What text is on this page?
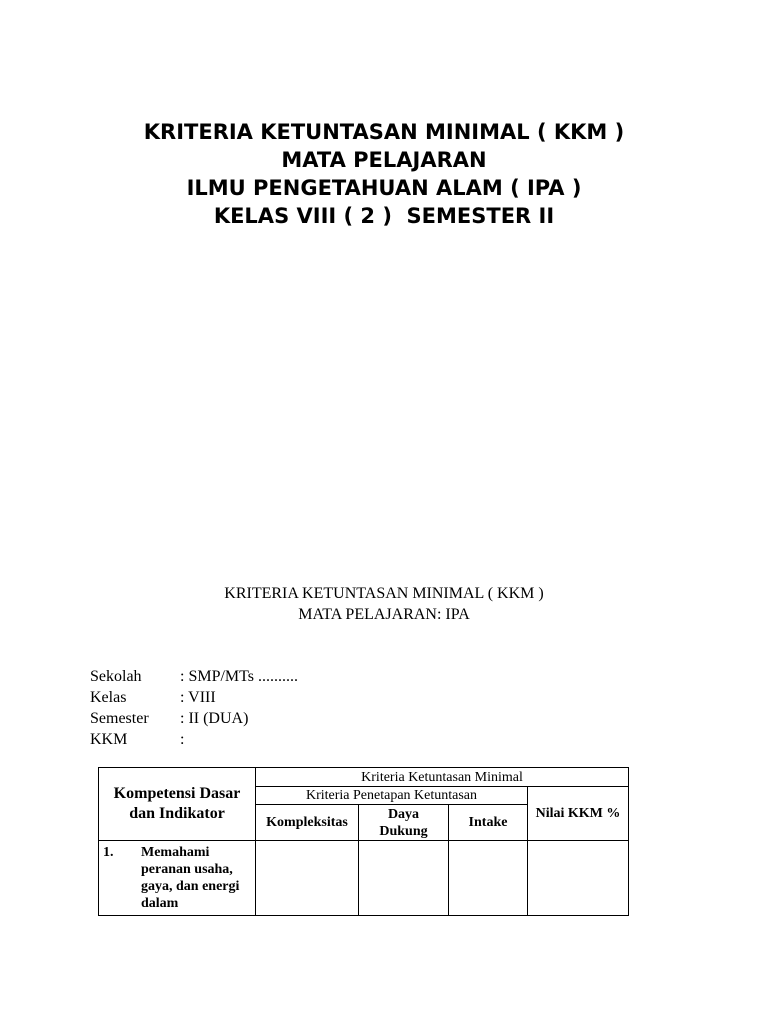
KRITERIA KETUNTASAN MINIMAL ( KKM )
MATA PELAJARAN
ILMU PENGETAHUAN ALAM ( IPA )
KELAS VIII ( 2 )  SEMESTER II
KRITERIA KETUNTASAN MINIMAL ( KKM )
MATA PELAJARAN: IPA
Sekolah	: SMP/MTs ..........
Kelas	: VIII
Semester	: II (DUA)
KKM	:
Kompetensi Dasar dan Indikator	Kriteria Ketuntasan Minimal			
	Kriteria Penetapan Ketuntasan			Nilai KKM %
	Kompleksitas	Daya Dukung	Intake	
1. Memahami peranan usaha, gaya, dan energi dalam				
